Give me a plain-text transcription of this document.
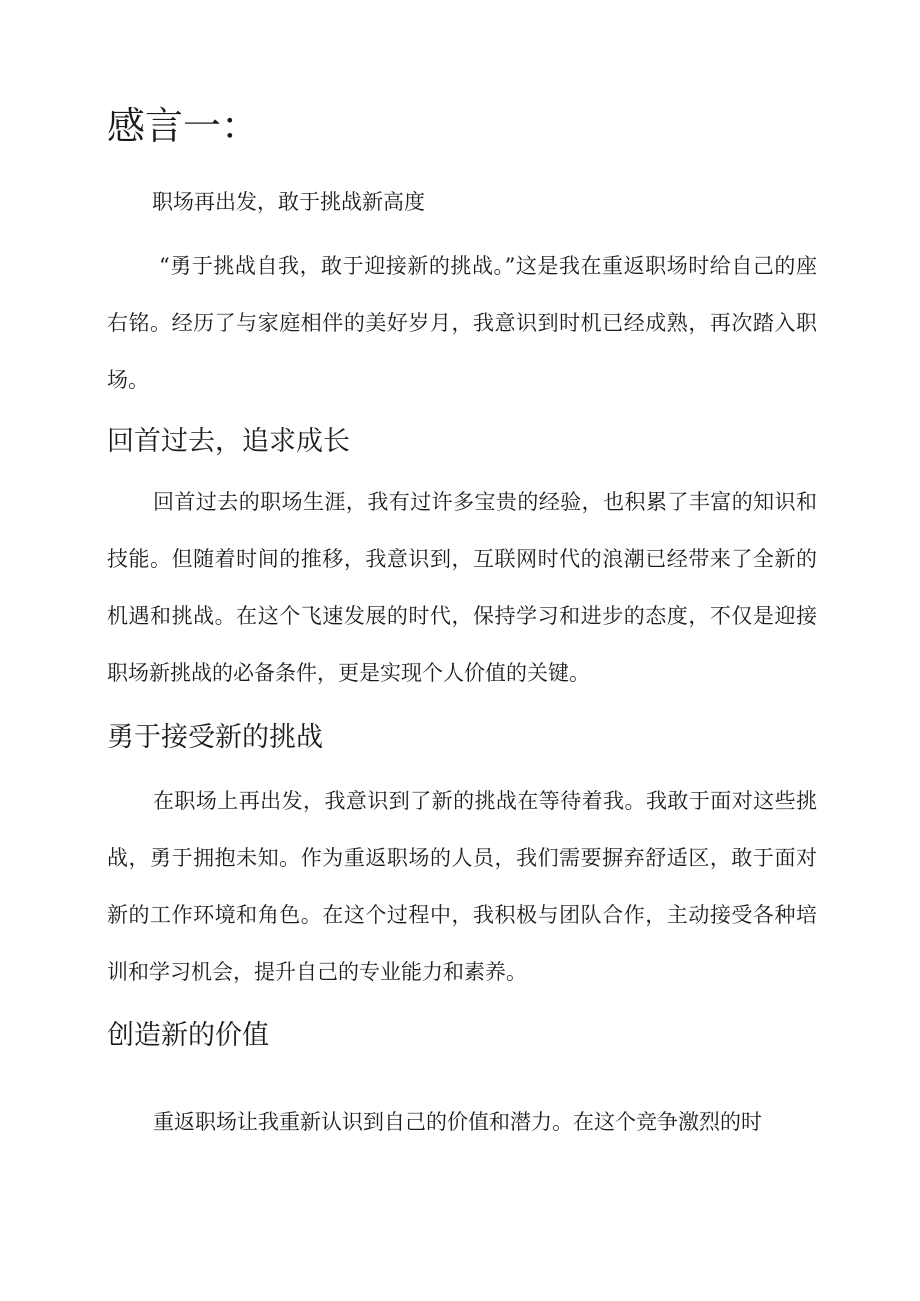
感言一：

职场再出发，敢于挑战新高度

“勇于挑战自我，敢于迎接新的挑战。”这是我在重返职场时给自己的座右铭。经历了与家庭相伴的美好岁月，我意识到时机已经成熟，再次踏入职场。

回首过去，追求成长

回首过去的职场生涯，我有过许多宝贵的经验，也积累了丰富的知识和技能。但随着时间的推移，我意识到，互联网时代的浪潮已经带来了全新的机遇和挑战。在这个飞速发展的时代，保持学习和进步的态度，不仅是迎接职场新挑战的必备条件，更是实现个人价值的关键。

勇于接受新的挑战

在职场上再出发，我意识到了新的挑战在等待着我。我敢于面对这些挑战，勇于拥抱未知。作为重返职场的人员，我们需要摒弃舒适区，敢于面对新的工作环境和角色。在这个过程中，我积极与团队合作，主动接受各种培训和学习机会，提升自己的专业能力和素养。

创造新的价值

重返职场让我重新认识到自己的价值和潜力。在这个竞争激烈的时
